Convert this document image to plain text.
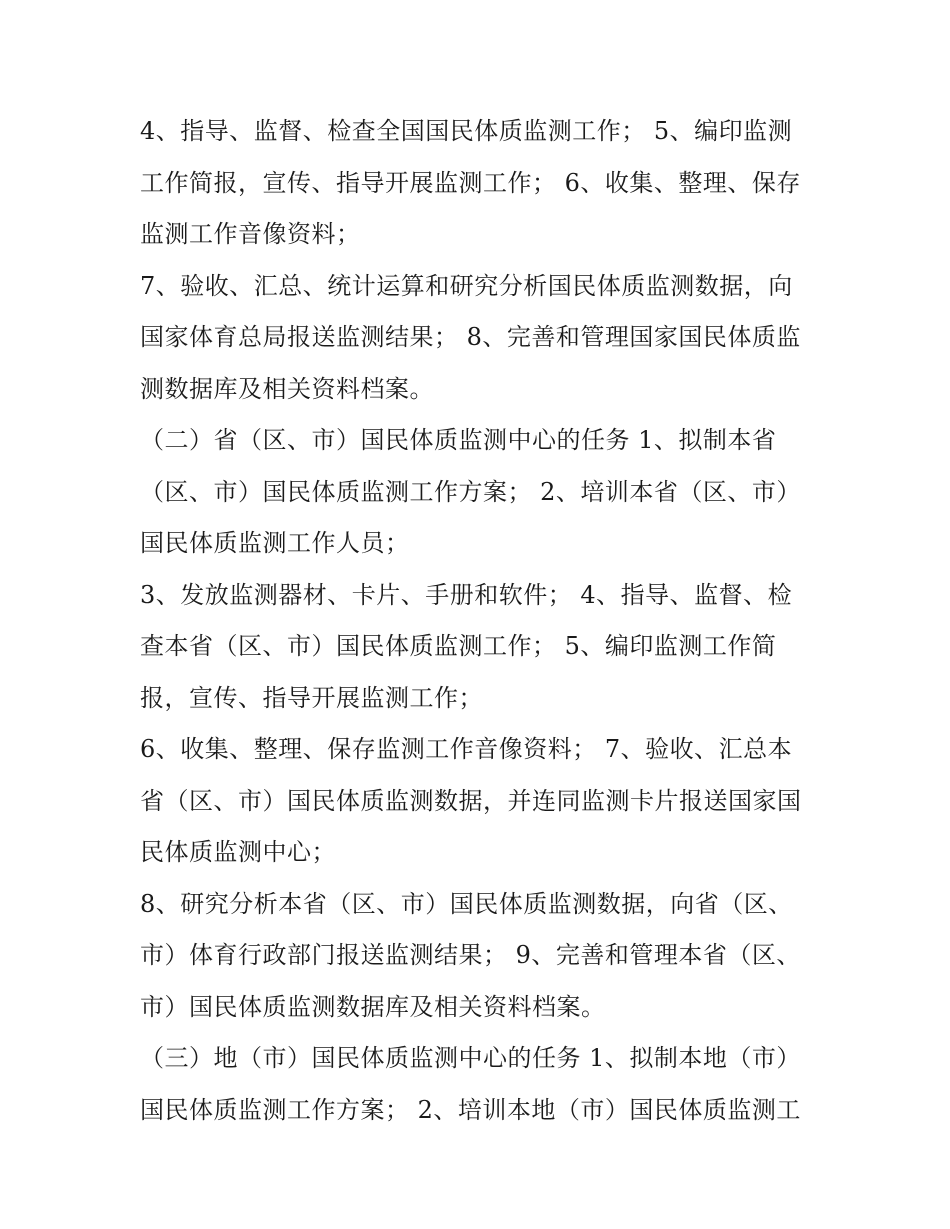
4、指导、监督、检查全国国民体质监测工作； 5、编印监测
工作简报，宣传、指导开展监测工作； 6、收集、整理、保存
监测工作音像资料；

7、验收、汇总、统计运算和研究分析国民体质监测数据，向
国家体育总局报送监测结果； 8、完善和管理国家国民体质监
测数据库及相关资料档案。

（二）省（区、市）国民体质监测中心的任务 1、拟制本省
（区、市）国民体质监测工作方案； 2、培训本省（区、市）
国民体质监测工作人员；

3、发放监测器材、卡片、手册和软件； 4、指导、监督、检
查本省（区、市）国民体质监测工作； 5、编印监测工作简
报，宣传、指导开展监测工作；

6、收集、整理、保存监测工作音像资料； 7、验收、汇总本
省（区、市）国民体质监测数据，并连同监测卡片报送国家国
民体质监测中心；

8、研究分析本省（区、市）国民体质监测数据，向省（区、
市）体育行政部门报送监测结果； 9、完善和管理本省（区、
市）国民体质监测数据库及相关资料档案。

（三）地（市）国民体质监测中心的任务 1、拟制本地（市）
国民体质监测工作方案； 2、培训本地（市）国民体质监测工
